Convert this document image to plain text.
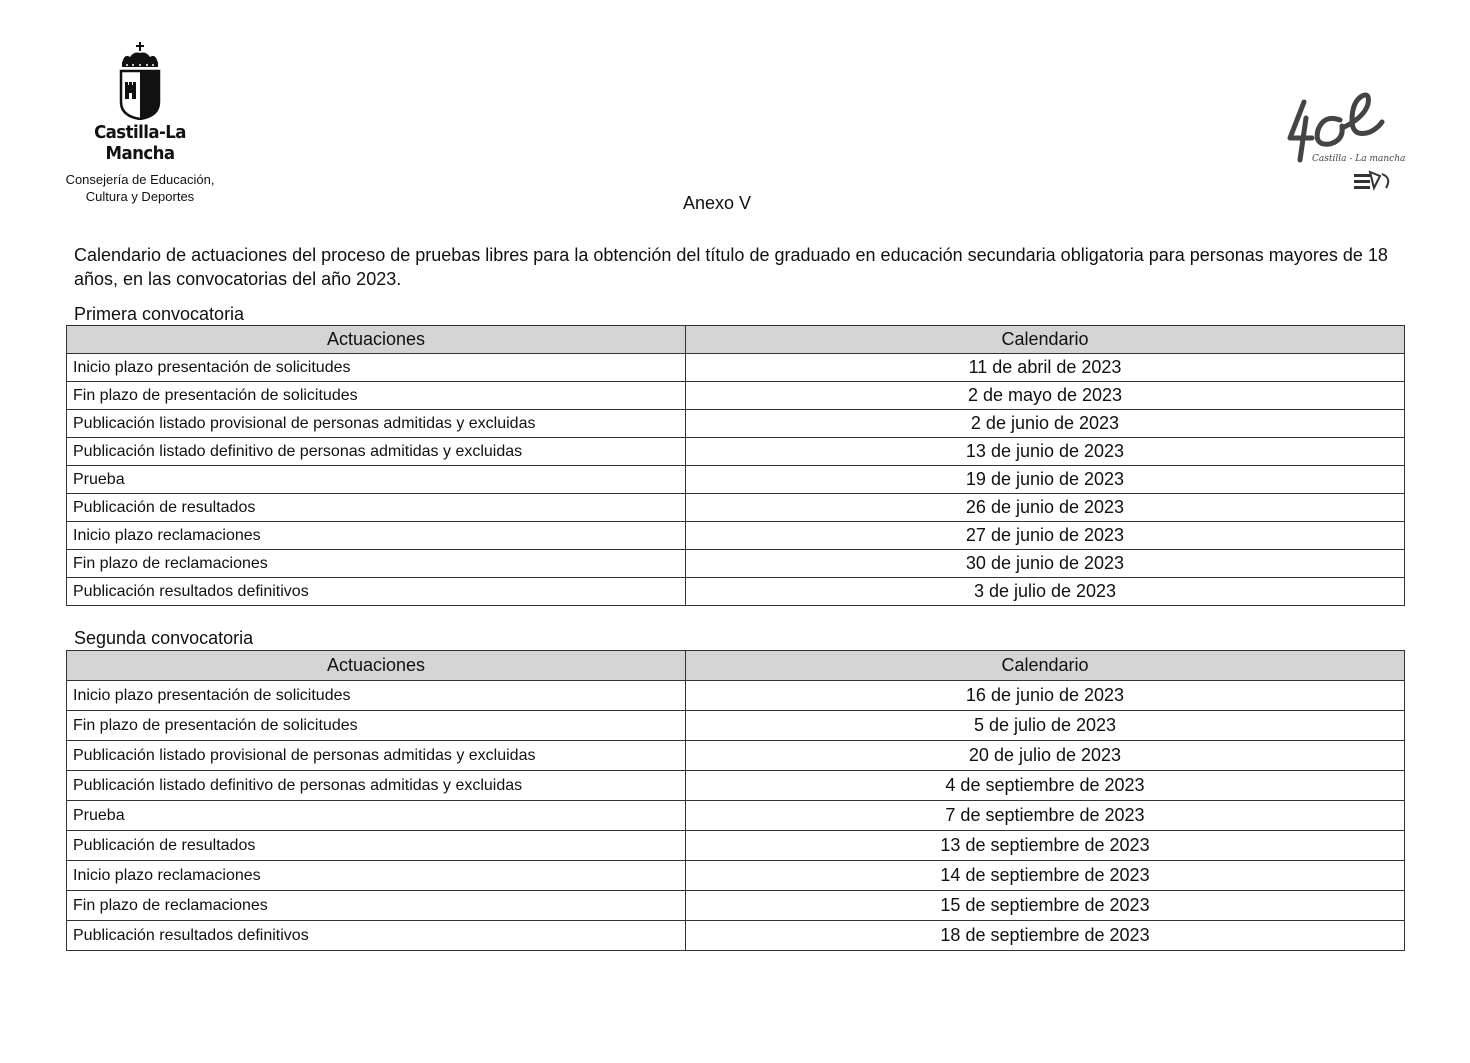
Castilla-La Mancha
Consejería de Educación,
Cultura y Deportes
Castilla - La mancha
Anexo V
Calendario de actuaciones del proceso de pruebas libres para la obtención del título de graduado en educación secundaria obligatoria para personas mayores de 18 años, en las convocatorias del año 2023.
Primera convocatoria
Actuaciones	Calendario
Inicio plazo presentación de solicitudes	11 de abril de 2023
Fin plazo de presentación de solicitudes	2 de mayo de 2023
Publicación listado provisional de personas admitidas y excluidas	2 de junio de 2023
Publicación listado definitivo de personas admitidas y excluidas	13 de junio de 2023
Prueba	19 de junio de 2023
Publicación de resultados	26 de junio de 2023
Inicio plazo reclamaciones	27 de junio de 2023
Fin plazo de reclamaciones	30 de junio de 2023
Publicación resultados definitivos	3 de julio de 2023
Segunda convocatoria
Actuaciones	Calendario
Inicio plazo presentación de solicitudes	16 de junio de 2023
Fin plazo de presentación de solicitudes	5 de julio de 2023
Publicación listado provisional de personas admitidas y excluidas	20 de julio de 2023
Publicación listado definitivo de personas admitidas y excluidas	4 de septiembre de 2023
Prueba	7 de septiembre de 2023
Publicación de resultados	13 de septiembre de 2023
Inicio plazo reclamaciones	14 de septiembre de 2023
Fin plazo de reclamaciones	15 de septiembre de 2023
Publicación resultados definitivos	18 de septiembre de 2023
